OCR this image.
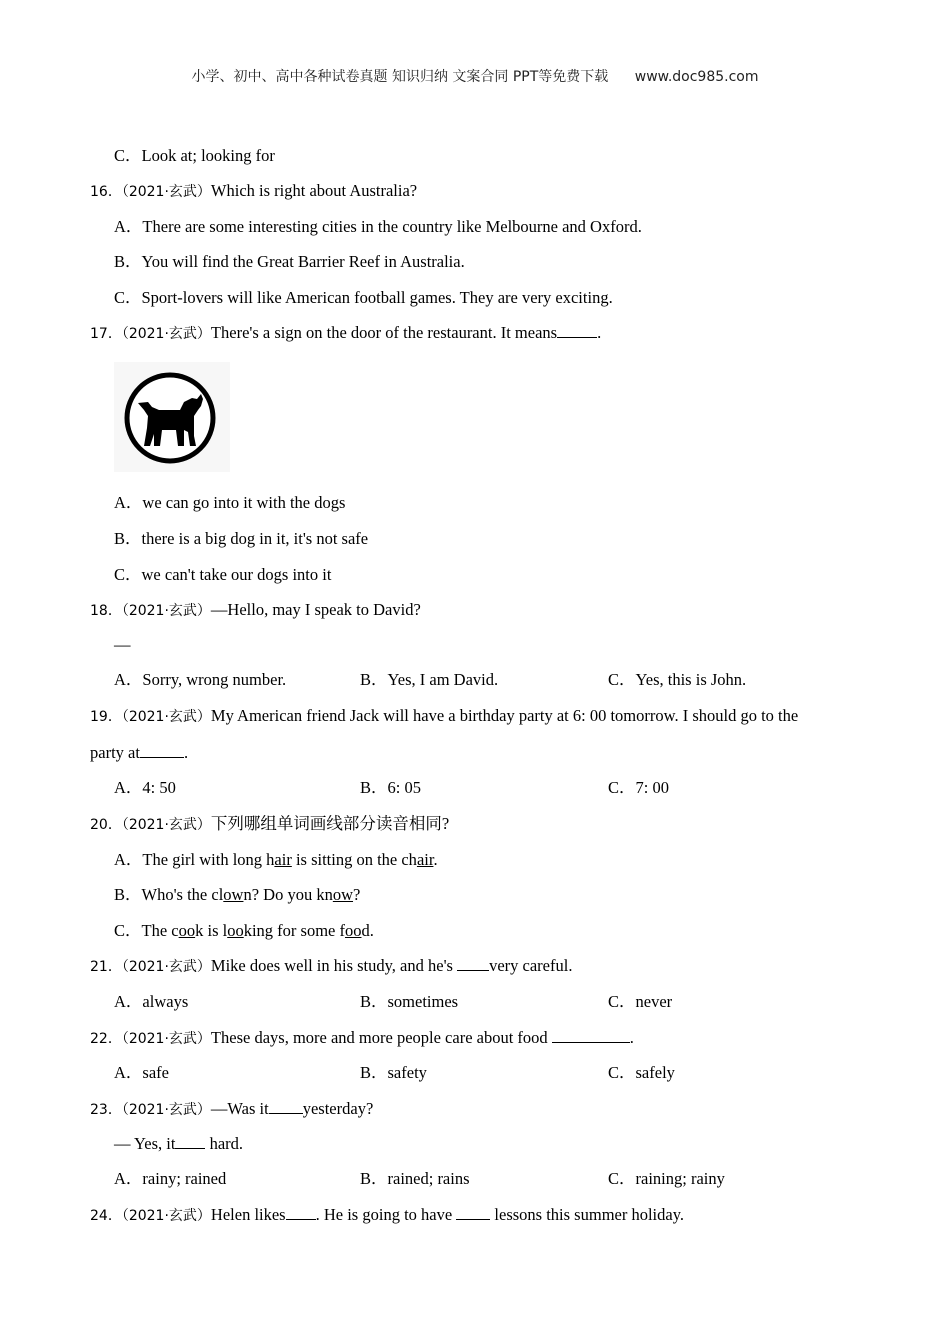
小学、初中、高中各种试卷真题 知识归纳 文案合同 PPT等免费下载 www.doc985.com
C．Look at; looking for
16．（2021·玄武）Which is right about Australia?
A．There are some interesting cities in the country like Melbourne and Oxford.
B．You will find the Great Barrier Reef in Australia.
C．Sport-lovers will like American football games. They are very exciting.
17．（2021·玄武）There's a sign on the door of the restaurant. It means .
A．we can go into it with the dogs
B．there is a big dog in it, it's not safe
C．we can't take our dogs into it
18．（2021·玄武）—Hello, may I speak to David?
—
A．Sorry, wrong number.	B．Yes, I am David.	C．Yes, this is John.
19．（2021·玄武）My American friend Jack will have a birthday party at 6: 00 tomorrow. I should go to the
party at	.
A．4: 50	B．6: 05	C．7: 00
20．（2021·玄武）下列哪组单词画线部分读音相同?
A．The girl with long hair is sitting on the chair.
B．Who's the clown? Do you know?
C．The cook is looking for some food.
21．（2021·玄武）Mike does well in his study, and he's very careful.
A．always	B．sometimes	C．never
22．（2021·玄武）These days, more and more people care about food	.
A．safe	B．safety	C．safely
23．（2021·玄武）—Was it yesterday?
— Yes, it hard.
A．rainy; rained	B．rained; rains	C．raining; rainy
24．（2021·玄武）Helen likes . He is going to have  lessons this summer holiday.
